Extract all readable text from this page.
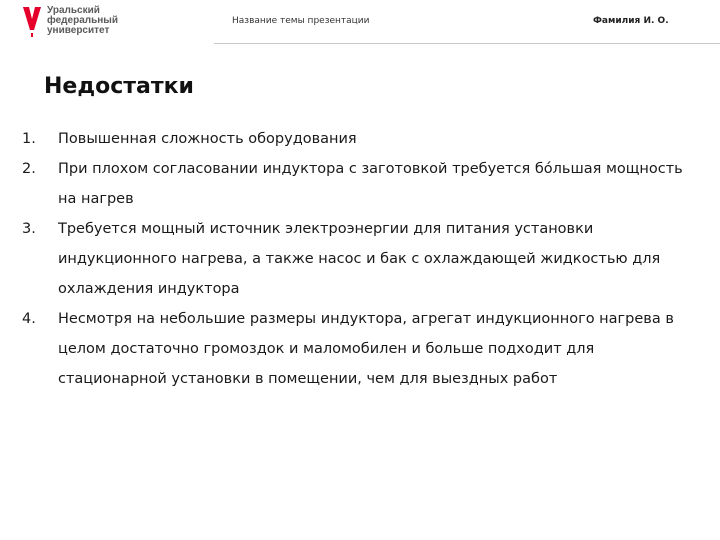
Уральский
федеральный
университет
Название темы презентации	Фамилия И. О.
Недостатки
1. Повышенная сложность оборудования
2. При плохом согласовании индуктора с заготовкой требуется бо́льшая мощность на нагрев
3. Требуется мощный источник электроэнергии для питания установки индукционного нагрева, а также насос и бак с охлаждающей жидкостью для охлаждения индуктора
4. Несмотря на небольшие размеры индуктора, агрегат индукционного нагрева в целом достаточно громоздок и маломобилен и больше подходит для стационарной установки в помещении, чем для выездных работ
